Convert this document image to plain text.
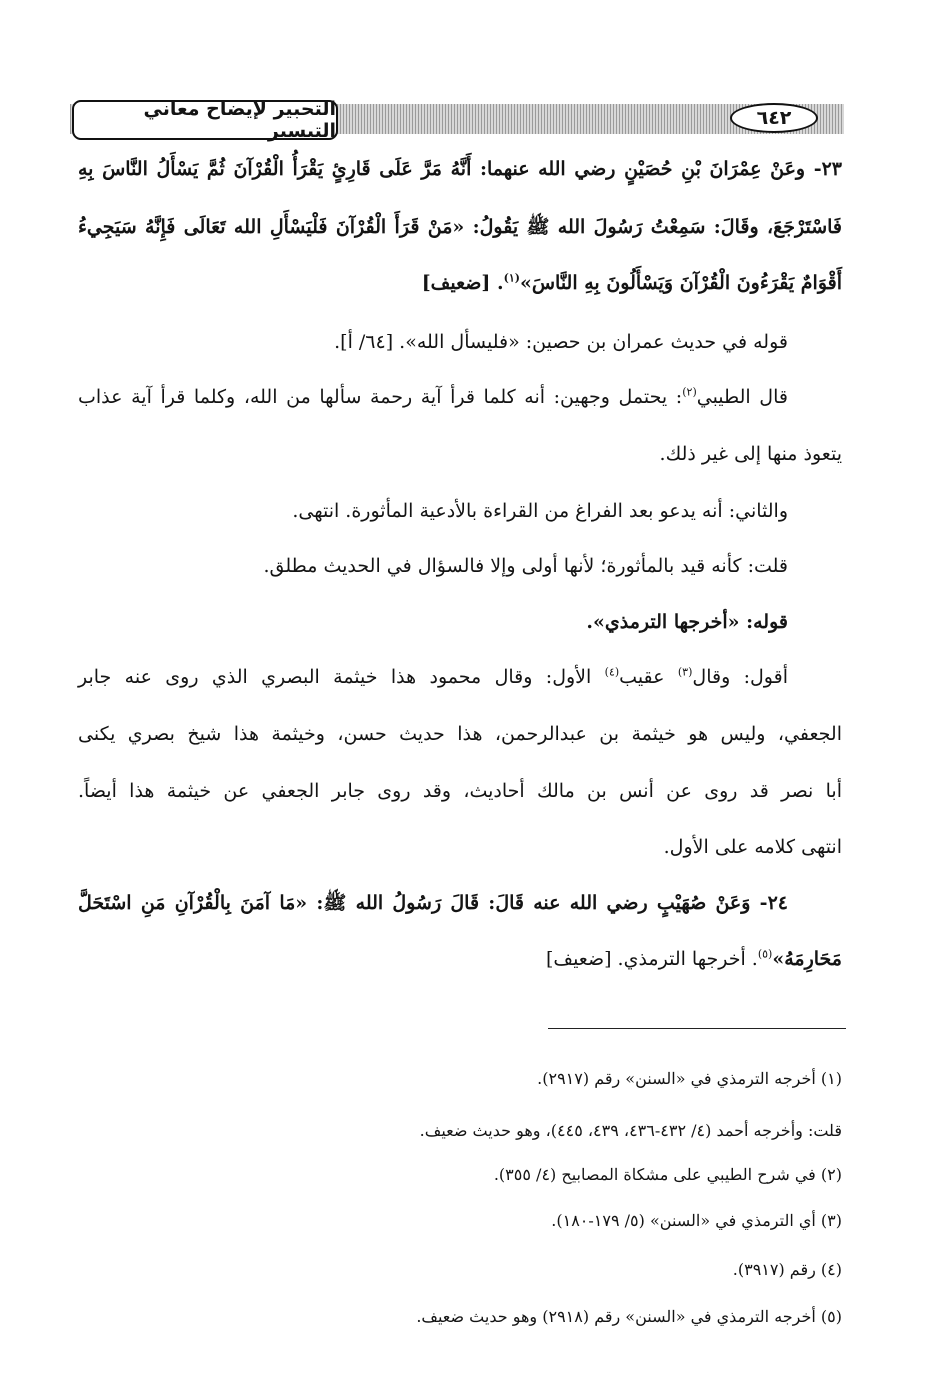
التحبير لإيضاح معاني التيسير
٦٤٢
٢٣- وعَنْ عِمْرَانَ بْنِ حُصَيْنٍ رضي الله عنهما: أَنَّهُ مَرَّ عَلَى قَارِئٍ يَقْرَأُ الْقُرْآنَ ثُمَّ يَسْأَلُ النَّاسَ بِهِ
فَاسْتَرْجَعَ، وقَالَ: سَمِعْتُ رَسُولَ الله ﷺ يَقُولُ: «مَنْ قَرَأَ الْقُرْآنَ فَلْيَسْأَلِ الله تَعَالَى فَإِنَّهُ سَيَجِيءُ
أَقْوَامٌ يَقْرَءُونَ الْقُرْآنَ وَيَسْأَلُونَ بِهِ النَّاسَ»$^{(١)}$. [ضعيف]
قوله في حديث عمران بن حصين: «فليسأل الله». [٦٤/ أ].
قال الطيبي$^{(٢)}$: يحتمل وجهين: أنه كلما قرأ آية رحمة سألها من الله، وكلما قرأ آية عذاب
يتعوذ منها إلى غير ذلك.
والثاني: أنه يدعو بعد الفراغ من القراءة بالأدعية المأثورة. انتهى.
قلت: كأنه قيد بالمأثورة؛ لأنها أولى وإلا فالسؤال في الحديث مطلق.
قوله: «أخرجها الترمذي».
أقول: وقال$^{(٣)}$ عقيب$^{(٤)}$ الأول: وقال محمود هذا خيثمة البصري الذي روى عنه جابر
الجعفي، وليس هو خيثمة بن عبدالرحمن، هذا حديث حسن، وخيثمة هذا شيخ بصري يكنى
أبا نصر قد روى عن أنس بن مالك أحاديث، وقد روى جابر الجعفي عن خيثمة هذا أيضاً.
انتهى كلامه على الأول.
٢٤- وَعَنْ صُهَيْبٍ رضي الله عنه قَالَ: قَالَ رَسُولُ الله ﷺ: «مَا آمَنَ بِالْقُرْآنِ مَنِ اسْتَحَلَّ
مَحَارِمَهُ»$^{(٥)}$. أخرجها الترمذي. [ضعيف]
(١) أخرجه الترمذي في «السنن» رقم (٢٩١٧).
قلت: وأخرجه أحمد (٤/ ٤٣٢-٤٣٦، ٤٣٩، ٤٤٥)، وهو حديث ضعيف.
(٢) في شرح الطيبي على مشكاة المصابيح (٤/ ٣٥٥).
(٣) أي الترمذي في «السنن» (٥/ ١٧٩-١٨٠).
(٤) رقم (٣٩١٧).
(٥) أخرجه الترمذي في «السنن» رقم (٢٩١٨) وهو حديث ضعيف.
